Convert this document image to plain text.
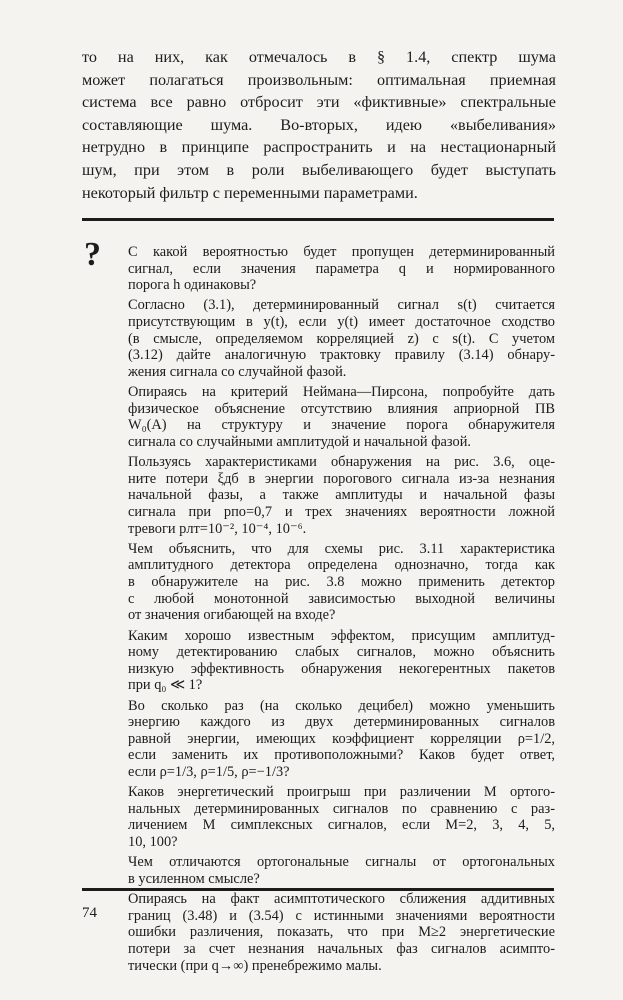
то на них, как отмечалось в § 1.4, спектр шума
может полагаться произвольным: оптимальная приемная
система все равно отбросит эти «фиктивные» спектральные
составляющие шума. Во-вторых, идею «выбеливания»
нетрудно в принципе распространить и на нестационарный
шум, при этом в роли выбеливающего будет выступать
некоторый фильтр с переменными параметрами.
? С какой вероятностью будет пропущен детерминированный
сигнал, если значения параметра q и нормированного
порога h одинаковы?
Согласно (3.1), детерминированный сигнал s(t) считается
присутствующим в y(t), если y(t) имеет достаточное сходство
(в смысле, определяемом корреляцией z) с s(t). С учетом
(3.12) дайте аналогичную трактовку правилу (3.14) обнару-
жения сигнала со случайной фазой.
Опираясь на критерий Неймана—Пирсона, попробуйте дать
физическое объяснение отсутствию влияния априорной ПВ
W₀(A) на структуру и значение порога обнаружителя
сигнала со случайными амплитудой и начальной фазой.
Пользуясь характеристиками обнаружения на рис. 3.6, оце-
ните потери ξдб в энергии порогового сигнала из-за незнания
начальной фазы, а также амплитуды и начальной фазы
сигнала при pпо=0,7 и трех значениях вероятности ложной
тревоги pлт=10⁻², 10⁻⁴, 10⁻⁶.
Чем объяснить, что для схемы рис. 3.11 характеристика
амплитудного детектора определена однозначно, тогда как
в обнаружителе на рис. 3.8 можно применить детектор
с любой монотонной зависимостью выходной величины
от значения огибающей на входе?
Каким хорошо известным эффектом, присущим амплитуд-
ному детектированию слабых сигналов, можно объяснить
низкую эффективность обнаружения некогерентных пакетов
при q₀ ≪ 1?
Во сколько раз (на сколько децибел) можно уменьшить
энергию каждого из двух детерминированных сигналов
равной энергии, имеющих коэффициент корреляции ρ=1/2,
если заменить их противоположными? Каков будет ответ,
если ρ=1/3, ρ=1/5, ρ=−1/3?
Каков энергетический проигрыш при различении M ортого-
нальных детерминированных сигналов по сравнению с раз-
личением M симплексных сигналов, если M=2, 3, 4, 5,
10, 100?
Чем отличаются ортогональные сигналы от ортогональных
в усиленном смысле?
Опираясь на факт асимптотического сближения аддитивных
границ (3.48) и (3.54) с истинными значениями вероятности
ошибки различения, показать, что при M≥2 энергетические
потери за счет незнания начальных фаз сигналов асимпто-
тически (при q→∞) пренебрежимо малы.
74
